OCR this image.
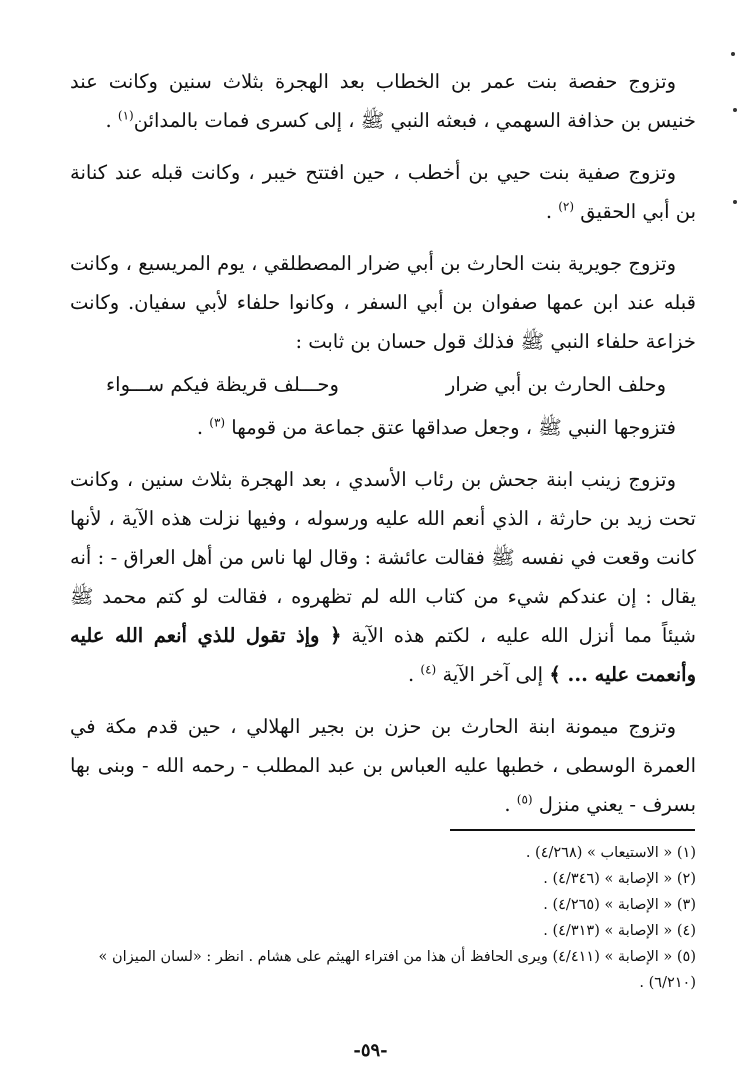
وتزوج حفصة بنت عمر بن الخطاب بعد الهجرة بثلاث سنين وكانت عند خنيس بن حذافة السهمي ، فبعثه النبي ﷺ ، إلى كسرى فمات بالمدائن$^{(١)}$ .

وتزوج صفية بنت حيي بن أخطب ، حين افتتح خيبر ، وكانت قبله عند كنانة بن أبي الحقيق $^{(٢)}$ .

وتزوج جويرية بنت الحارث بن أبي ضرار المصطلقي ، يوم المريسيع ، وكانت قبله عند ابن عمها صفوان بن أبي السفر ، وكانوا حلفاء لأبي سفيان. وكانت خزاعة حلفاء النبي ﷺ فذلك قول حسان بن ثابت :

وحلف الحارث بن أبي ضرار
وحـــلف قريظة فيكم ســـواء

فتزوجها النبي ﷺ ، وجعل صداقها عتق جماعة من قومها $^{(٣)}$ .

وتزوج زينب ابنة جحش بن رئاب الأسدي ، بعد الهجرة بثلاث سنين ، وكانت تحت زيد بن حارثة ، الذي أنعم الله عليه ورسوله ، وفيها نزلت هذه الآية ، لأنها كانت وقعت في نفسه ﷺ فقالت عائشة : وقال لها ناس من أهل العراق - : أنه يقال : إن عندكم شيء من كتاب الله لم تظهروه ، فقالت لو كتم محمد ﷺ شيئاً مما أنزل الله عليه ، لكتم هذه الآية ﴿ وإذ تقول للذي أنعم الله عليه وأنعمت عليه ... ﴾ إلى آخر الآية $^{(٤)}$ .

وتزوج ميمونة ابنة الحارث بن حزن بن بجير الهلالي ، حين قدم مكة في العمرة الوسطى ، خطبها عليه العباس بن عبد المطلب - رحمه الله - وبنى بها بسرف - يعني منزل $^{(٥)}$ .

(١) « الاستيعاب » (٤/٢٦٨) .

(٢) « الإصابة » (٤/٣٤٦) .

(٣) « الإصابة » (٤/٢٦٥) .

(٤) « الإصابة » (٤/٣١٣) .

(٥) « الإصابة » (٤/٤١١) ويرى الحافظ أن هذا من افتراء الهيثم على هشام . انظر : «لسان الميزان » (٦/٢١٠) .

-٥٩-
